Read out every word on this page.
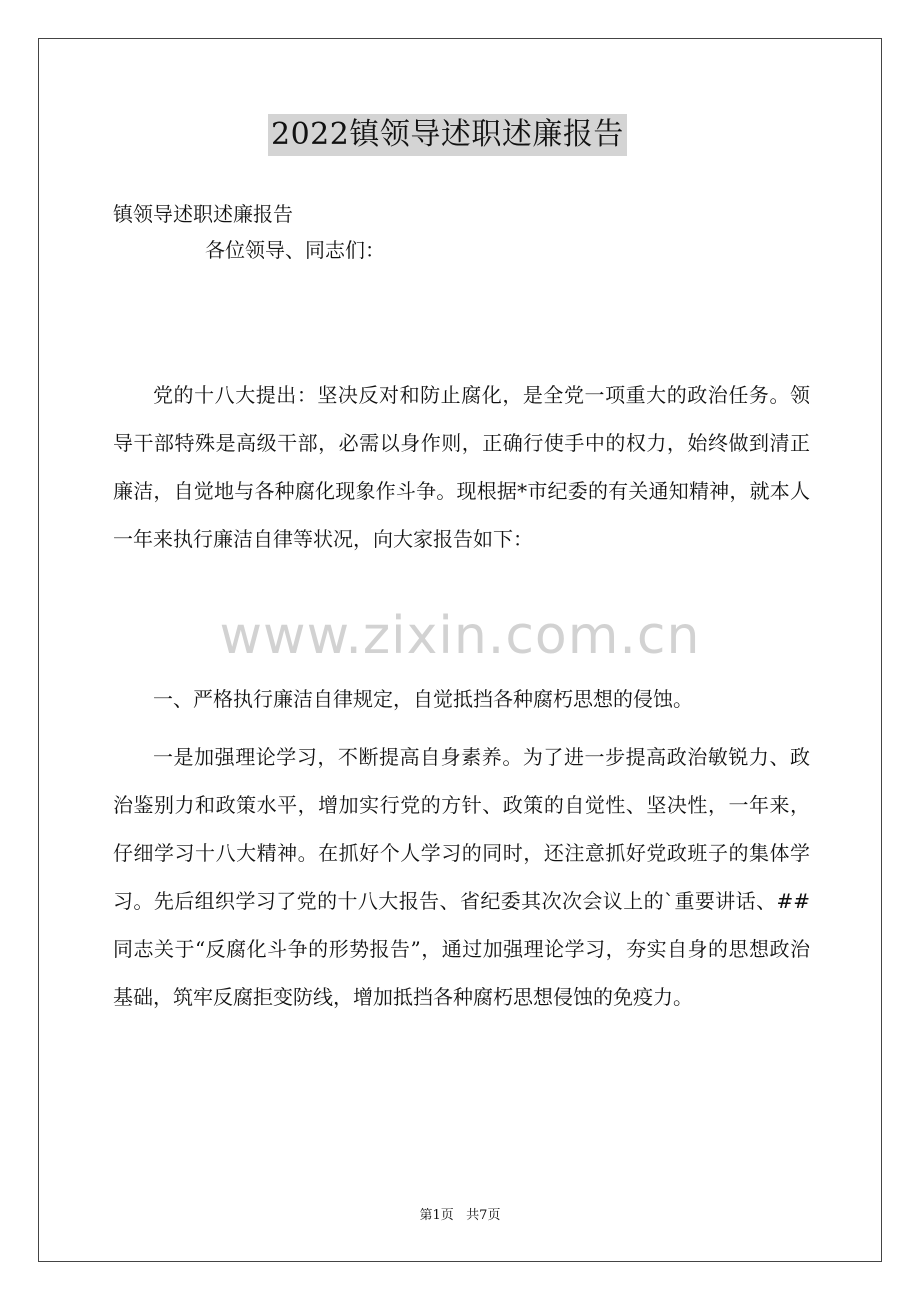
2022镇领导述职述廉报告
镇领导述职述廉报告
各位领导、同志们：
党的十八大提出：坚决反对和防止腐化，是全党一项重大的政治任务。领导干部特殊是高级干部，必需以身作则，正确行使手中的权力，始终做到清正廉洁，自觉地与各种腐化现象作斗争。现根据*市纪委的有关通知精神，就本人一年来执行廉洁自律等状况，向大家报告如下：
一、严格执行廉洁自律规定，自觉抵挡各种腐朽思想的侵蚀。
一是加强理论学习，不断提高自身素养。为了进一步提高政治敏锐力、政治鉴别力和政策水平，增加实行党的方针、政策的自觉性、坚决性，一年来，仔细学习十八大精神。在抓好个人学习的同时，还注意抓好党政班子的集体学习。先后组织学习了党的十八大报告、省纪委其次次会议上的`重要讲话、##同志关于“反腐化斗争的形势报告”，通过加强理论学习，夯实自身的思想政治基础，筑牢反腐拒变防线，增加抵挡各种腐朽思想侵蚀的免疫力。
www.zixin.com.cn
第1页   共7页
